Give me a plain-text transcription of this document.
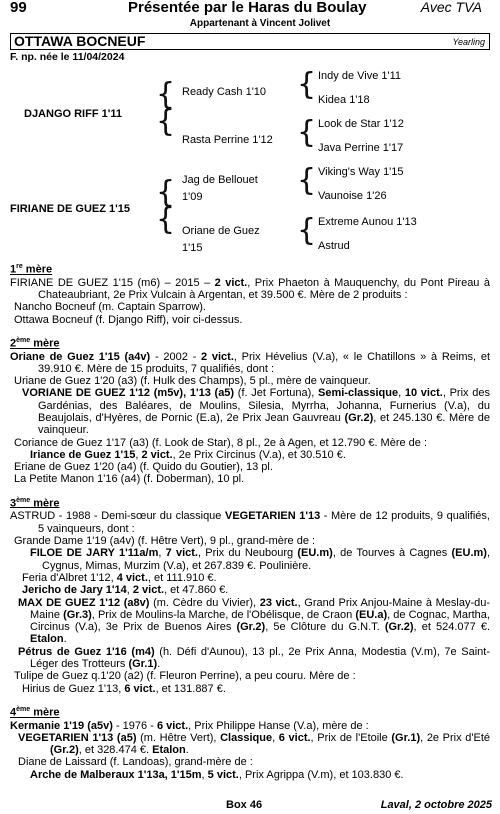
99	Présentée par le Haras du Boulay	Avec TVA
Appartenant à Vincent Jolivet
OTTAWA BOCNEUF	Yearling
F. np. née le 11/04/2024
DJANGO RIFF 1'11
FIRIANE DE GUEZ 1'15
{
{
{
{
Ready Cash 1'10
Rasta Perrine 1'12
Jag de Bellouet
1'09
Oriane de Guez
1'15
{
{
{
{
Indy de Vive 1'11
Kidea 1'18
Look de Star 1'12
Java Perrine 1'17
Viking's Way 1'15
Vaunoise 1'26
Extreme Aunou 1'13
Astrud
1re mère

FIRIANE DE GUEZ 1'15 (m6) – 2015 – 2 vict., Prix Phaeton à Mauquenchy, du Pont Pireau à Chateaubriant, 2e Prix Vulcain à Argentan, et 39.500 €. Mère de 2 produits :

Nancho Bocneuf (m. Captain Sparrow).

Ottawa Bocneuf (f. Django Riff), voir ci-dessus.

2ème mère

Oriane de Guez 1'15 (a4v) - 2002 - 2 vict., Prix Hévelius (V.a), « le Chatillons » à Reims, et 39.910 €. Mère de 15 produits, 7 qualifiés, dont :

Uriane de Guez 1'20 (a3) (f. Hulk des Champs), 5 pl., mère de vainqueur.

VORIANE DE GUEZ 1'12 (m5v), 1'13 (a5) (f. Jet Fortuna), Semi-classique, 10 vict., Prix des Gardénias, des Baléares, de Moulins, Silesia, Myrrha, Johanna, Furnerius (V.a), du Beaujolais, d'Hyères, de Pornic (E.a), 2e Prix Jean Gauvreau (Gr.2), et 245.130 €. Mère de vainqueur.

Coriance de Guez 1'17 (a3) (f. Look de Star), 8 pl., 2e à Agen, et 12.790 €. Mère de :

Iriance de Guez 1'15, 2 vict., 2e Prix Circinus (V.a), et 30.510 €.

Eriane de Guez 1'20 (a4) (f. Quido du Goutier), 13 pl.

La Petite Manon 1'16 (a4) (f. Doberman), 10 pl.

3ème mère

ASTRUD - 1988 - Demi-sœur du classique VEGETARIEN 1'13 - Mère de 12 produits, 9 qualifiés, 5 vainqueurs, dont :

Grande Dame 1'19 (a4v) (f. Hêtre Vert), 9 pl., grand-mère de :

FILOE DE JARY 1'11a/m, 7 vict., Prix du Neubourg (EU.m), de Tourves à Cagnes (EU.m), Cygnus, Mimas, Murzim (V.a), et 267.839 €. Poulinière.

Feria d'Albret 1'12, 4 vict., et 111.910 €.

Jericho de Jary 1'14, 2 vict., et 47.860 €.

MAX DE GUEZ 1'12 (a8v) (m. Cèdre du Vivier), 23 vict., Grand Prix Anjou-Maine à Meslay-du-Maine (Gr.3), Prix de Moulins-la Marche, de l'Obélisque, de Craon (EU.a), de Cognac, Martha, Circinus (V.a), 3e Prix de Buenos Aires (Gr.2), 5e Clôture du G.N.T. (Gr.2), et 524.077 €. Etalon.

Pétrus de Guez 1'16 (m4) (h. Défi d'Aunou), 13 pl., 2e Prix Anna, Modestia (V.m), 7e Saint-Léger des Trotteurs (Gr.1).

Tulipe de Guez q.1'20 (a2) (f. Fleuron Perrine), a peu couru. Mère de :

Hirius de Guez 1'13, 6 vict., et 131.887 €.

4ème mère

Kermanie 1'19 (a5v) - 1976 - 6 vict., Prix Philippe Hanse (V.a), mère de :

VEGETARIEN 1'13 (a5) (m. Hêtre Vert), Classique, 6 vict., Prix de l'Etoile (Gr.1), 2e Prix d'Eté (Gr.2), et 328.474 €. Etalon.

Diane de Laissard (f. Landoas), grand-mère de :

Arche de Malberaux 1'13a, 1'15m, 5 vict., Prix Agrippa (V.m), et 103.830 €.

Box 46	Laval, 2 octobre 2025
